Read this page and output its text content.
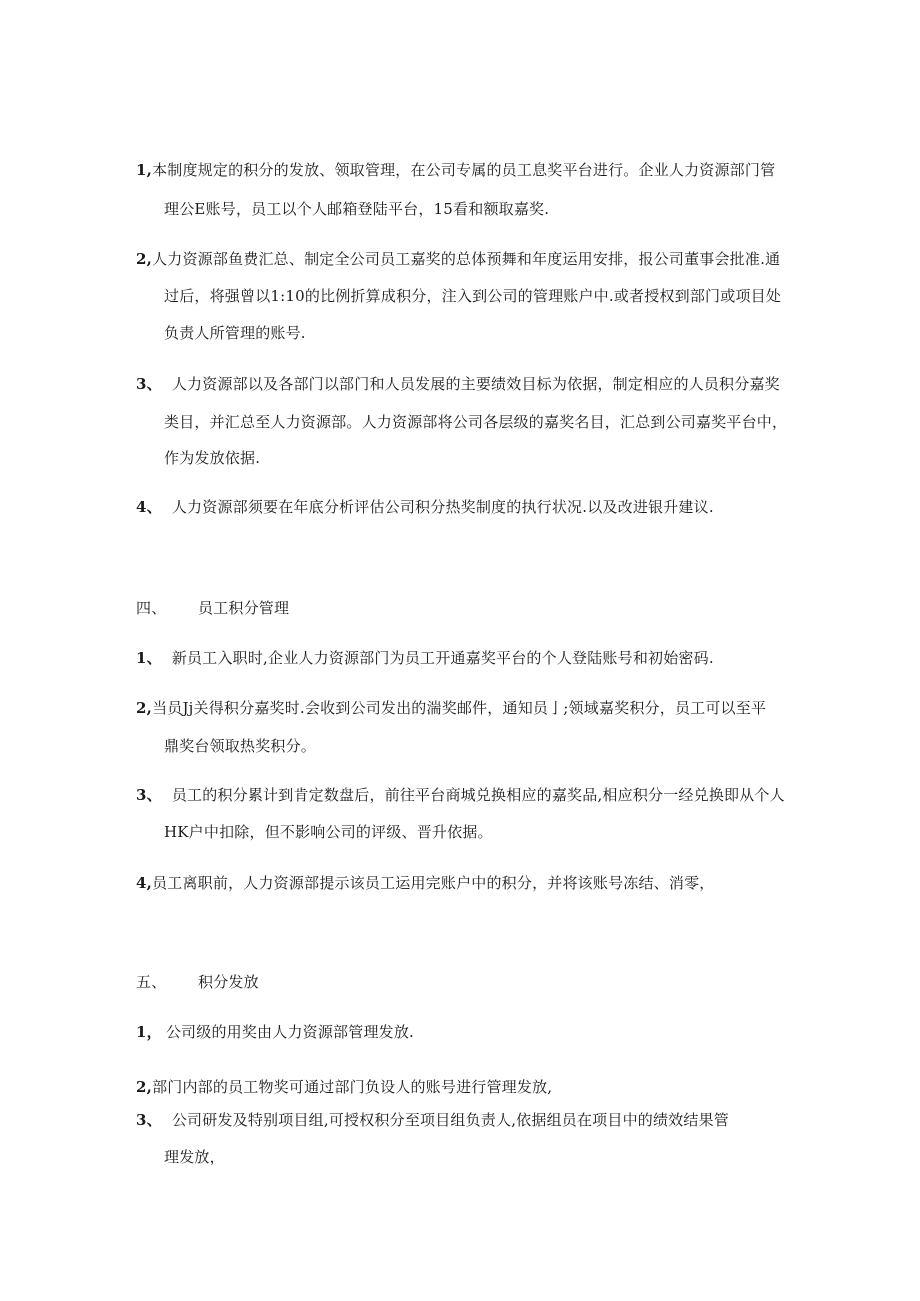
1,本制度规定的积分的发放、领取管理，在公司专属的员工息奖平台进行。企业人力资源部门管
理公E账号，员工以个人邮箱登陆平台，15看和额取嘉奖.
2,人力资源部鱼费汇总、制定全公司员工嘉奖的总体预舞和年度运用安排，报公司董事会批准.通
过后，将强曾以1:10的比例折算成积分，注入到公司的管理账户中.或者授权到部门或项目处
负责人所管理的账号.
3、 人力资源部以及各部门以部门和人员发展的主要绩效目标为依据，制定相应的人员积分嘉奖
类目，并汇总至人力资源部。人力资源部将公司各层级的嘉奖名目，汇总到公司嘉奖平台中，
作为发放依据.
4、 人力资源部须要在年底分析评估公司积分热奖制度的执行状况.以及改进银升建议.
四、 员工积分管理
1、 新员工入职时,企业人力资源部门为员工开通嘉奖平台的个人登陆账号和初始密码.
2,当员Jj关得积分嘉奖时.会收到公司发出的湍奖邮件，通知员亅;领域嘉奖积分，员工可以至平
鼎奖台领取热奖积分。
3、 员工的积分累计到肯定数盘后，前往平台商城兑换相应的嘉奖品,相应积分一经兑换即从个人
HK户中扣除，但不影响公司的评级、晋升依据。
4,员工离职前，人力资源部提示该员工运用完账户中的积分，并将该账号冻结、消零，
五、 积分发放
1， 公司级的用奖由人力资源部管理发放.
2,部门内部的员工物奖可通过部门负设人的账号进行管理发放,
3、 公司研发及特别项目组,可授权积分至项目组负责人,依据组员在项目中的绩效结果管
理发放，
